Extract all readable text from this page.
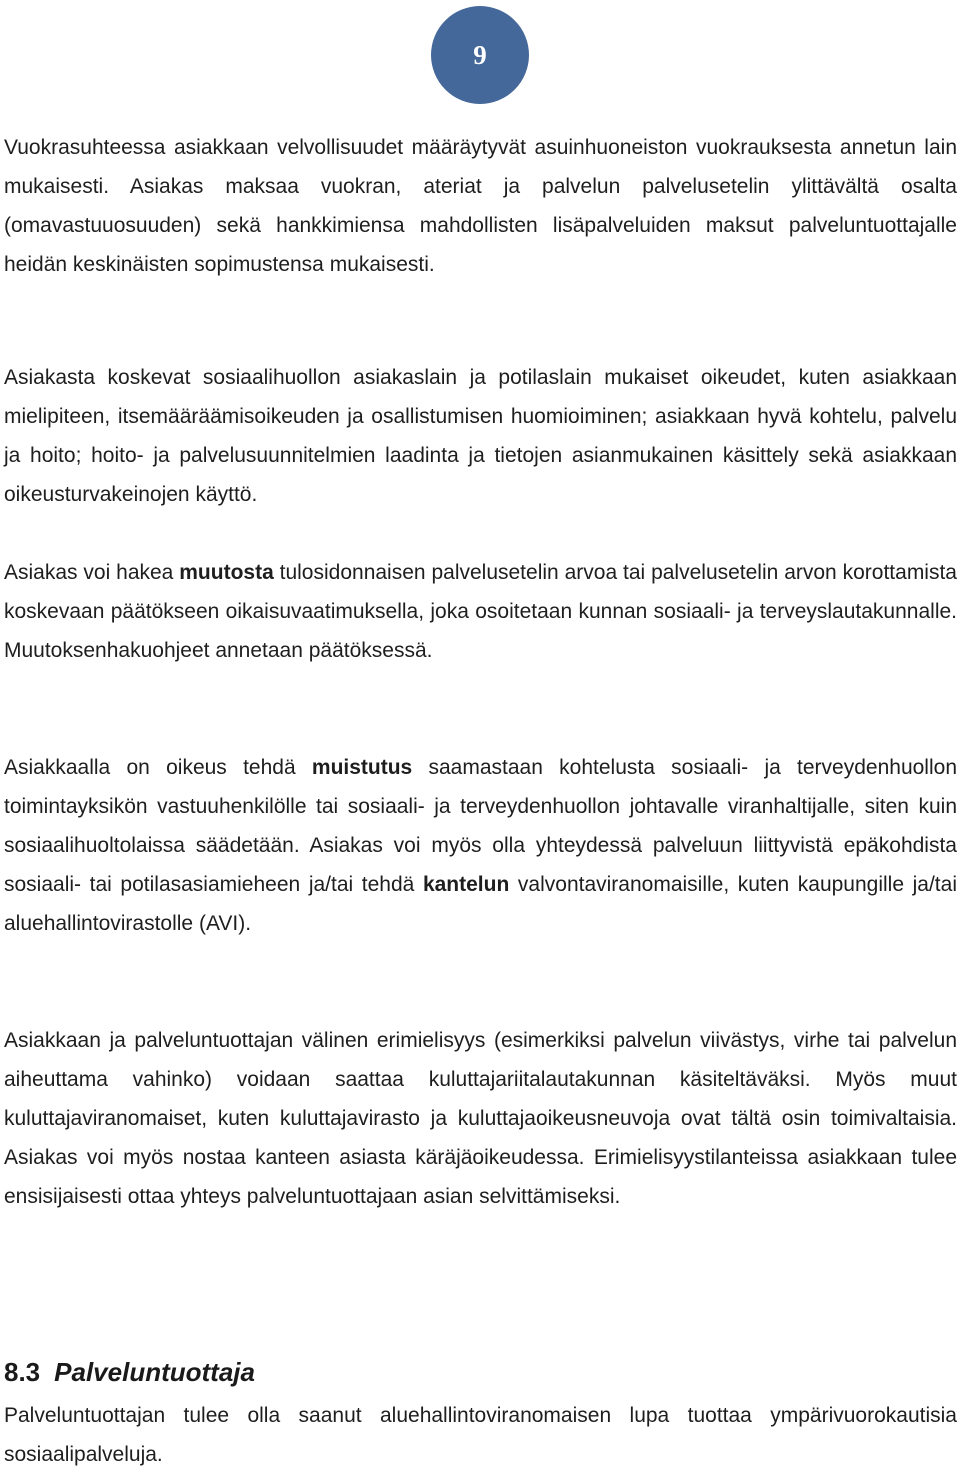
9

Vuokrasuhteessa asiakkaan velvollisuudet määräytyvät asuinhuoneiston vuokrauksesta annetun lain mukaisesti. Asiakas maksaa vuokran, ateriat ja palvelun palvelusetelin ylittävältä osalta (omavastuuosuuden) sekä hankkimiensa mahdollisten lisäpalveluiden maksut palveluntuottajalle heidän keskinäisten sopimustensa mukaisesti.

Asiakasta koskevat sosiaalihuollon asiakaslain ja potilaslain mukaiset oikeudet, kuten asiakkaan mielipiteen, itsemääräämisoikeuden ja osallistumisen huomioiminen; asiakkaan hyvä kohtelu, palvelu ja hoito; hoito- ja palvelusuunnitelmien laadinta ja tietojen asianmukainen käsittely sekä asiakkaan oikeusturvakeinojen käyttö.

Asiakas voi hakea muutosta tulosidonnaisen palvelusetelin arvoa tai palvelusetelin arvon korottamista koskevaan päätökseen oikaisuvaatimuksella, joka osoitetaan kunnan sosiaali- ja terveyslautakunnalle. Muutoksenhakuohjeet annetaan päätöksessä.

Asiakkaalla on oikeus tehdä muistutus saamastaan kohtelusta sosiaali- ja terveydenhuollon toimintayksikön vastuuhenkilölle tai sosiaali- ja terveydenhuollon johtavalle viranhaltijalle, siten kuin sosiaalihuoltolaissa säädetään. Asiakas voi myös olla yhteydessä palveluun liittyvistä epäkohdista sosiaali- tai potilasasiamieheen ja/tai tehdä kantelun valvontaviranomaisille, kuten kaupungille ja/tai aluehallintovirastolle (AVI).

Asiakkaan ja palveluntuottajan välinen erimielisyys (esimerkiksi palvelun viivästys, virhe tai palvelun aiheuttama vahinko) voidaan saattaa kuluttajariitalautakunnan käsiteltäväksi. Myös muut kuluttajaviranomaiset, kuten kuluttajavirasto ja kuluttajaoikeusneuvoja ovat tältä osin toimivaltaisia. Asiakas voi myös nostaa kanteen asiasta käräjäoikeudessa. Erimielisyystilanteissa asiakkaan tulee ensisijaisesti ottaa yhteys palveluntuottajaan asian selvittämiseksi.

8.3 Palveluntuottaja

Palveluntuottajan tulee olla saanut aluehallintoviranomaisen lupa tuottaa ympärivuorokautisia sosiaalipalveluja.
